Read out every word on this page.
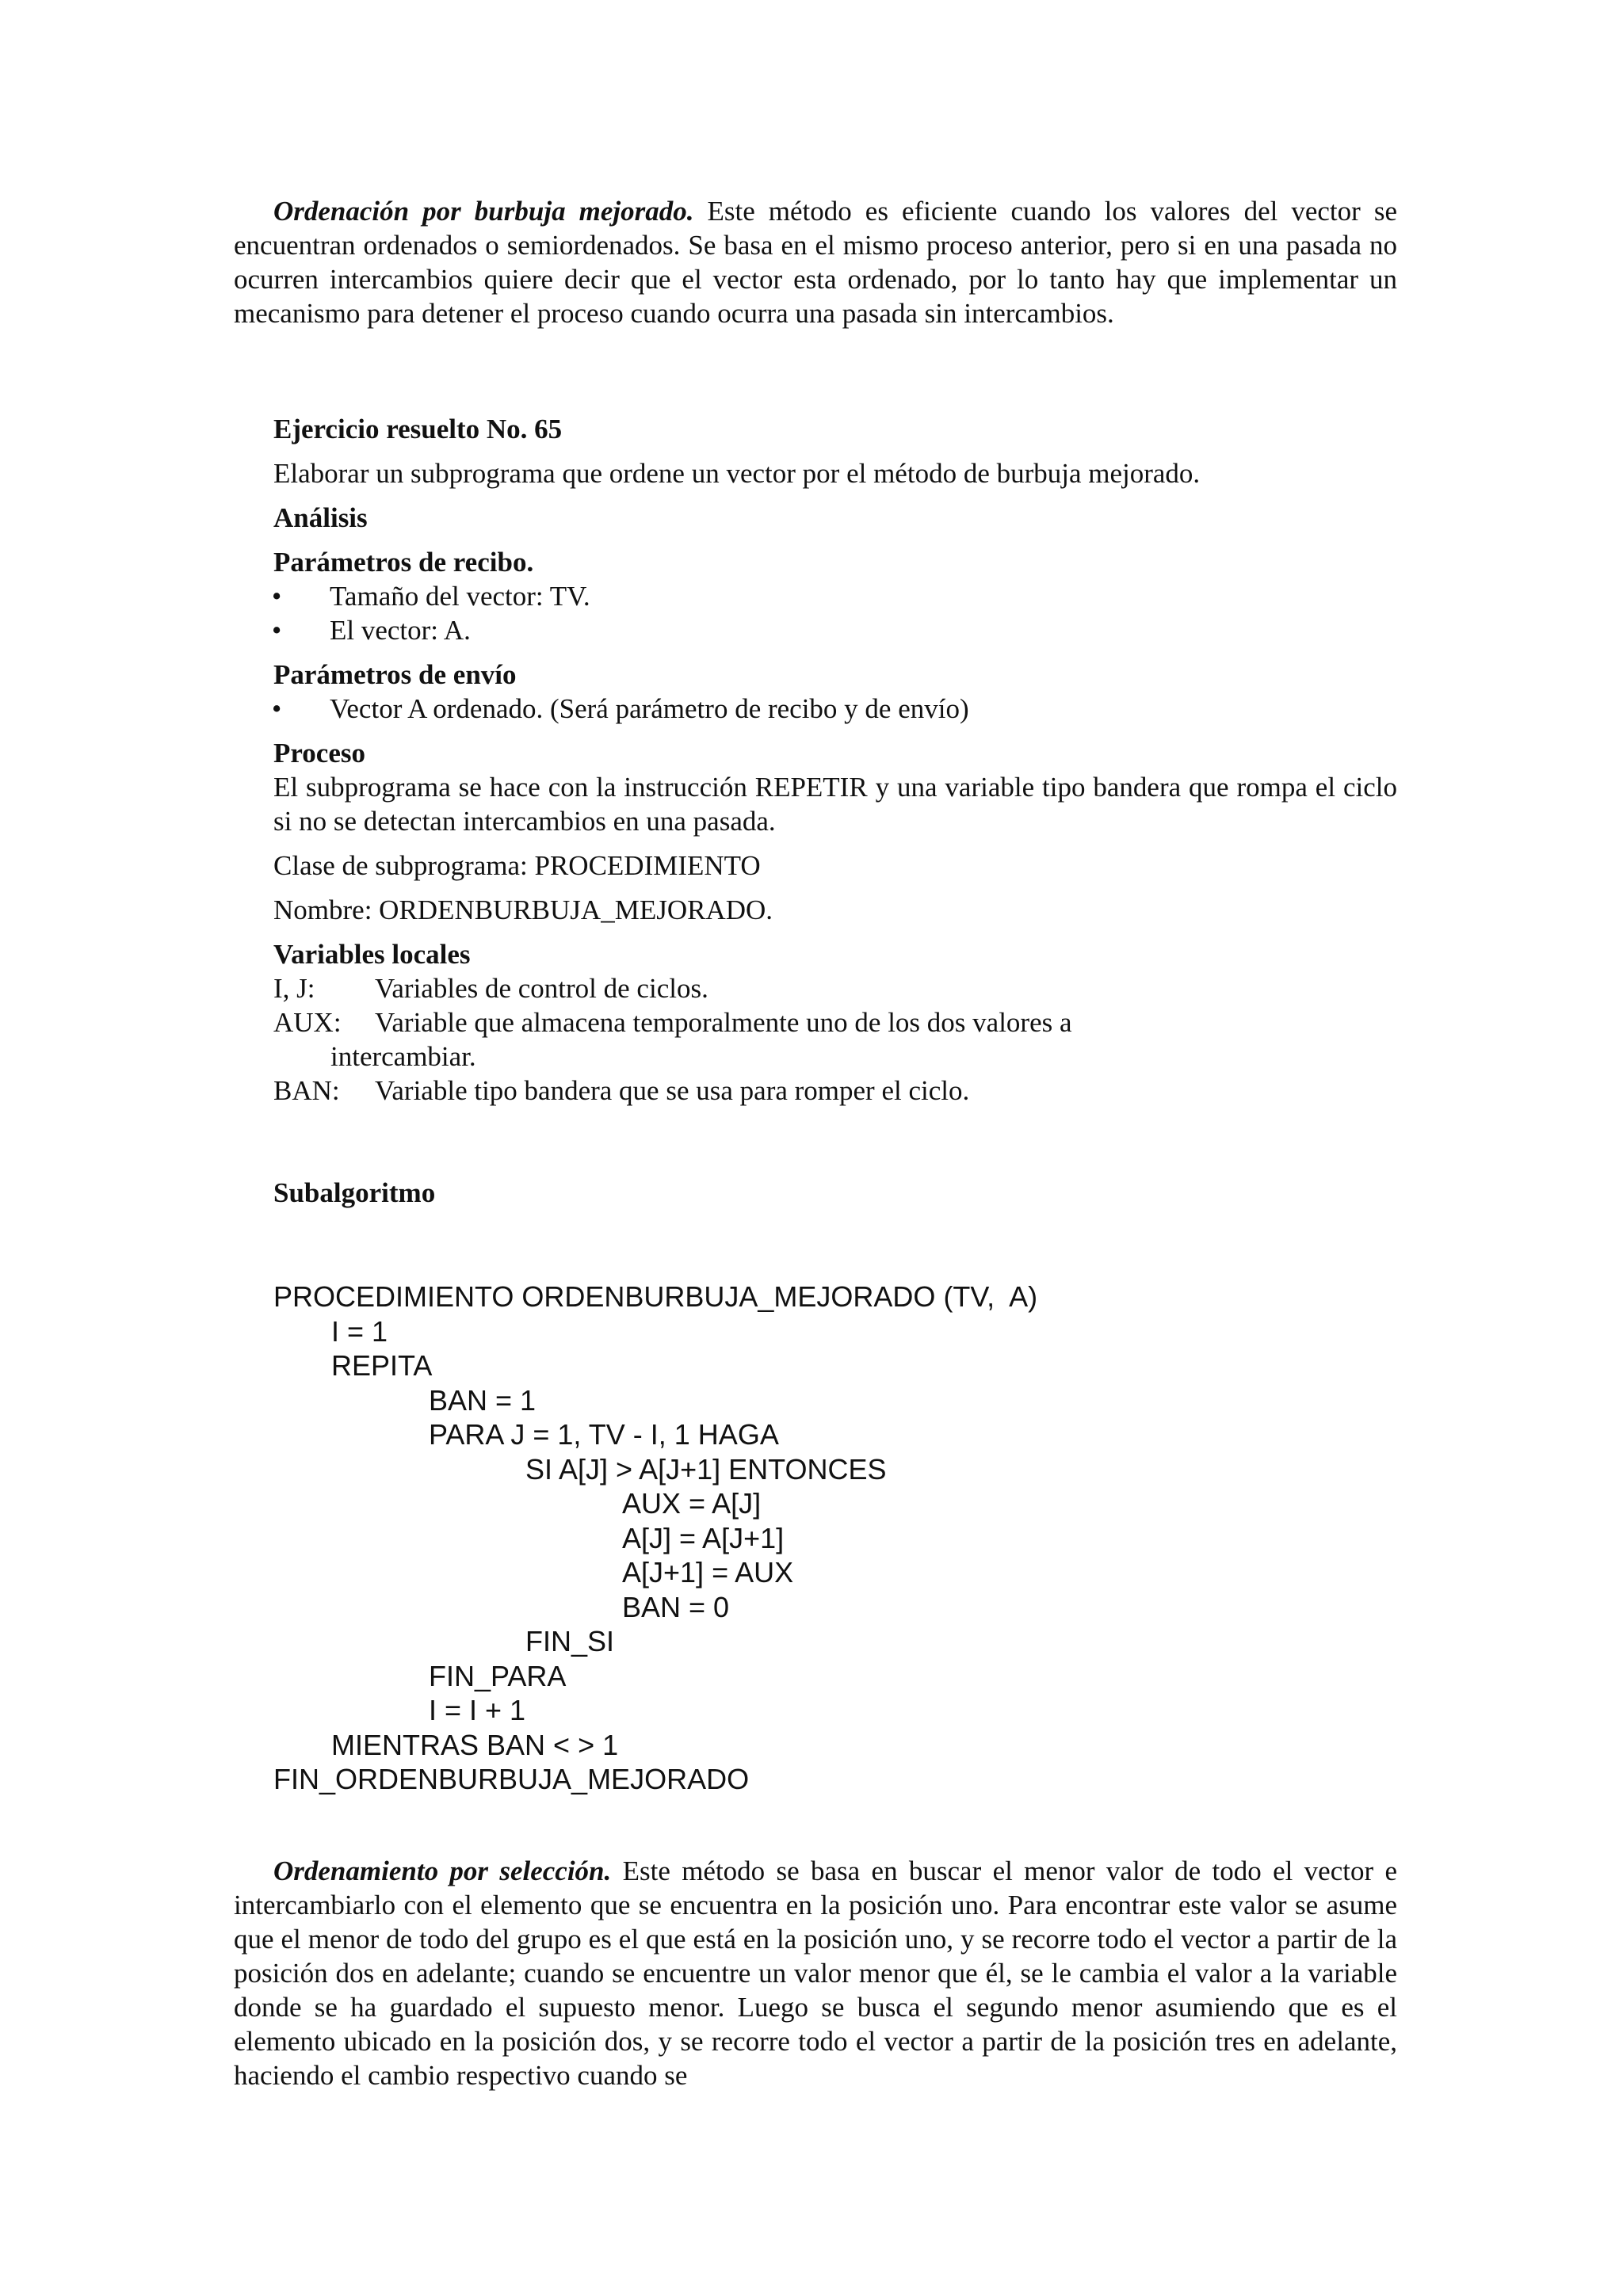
Ordenación por burbuja mejorado. Este método es eficiente cuando los valores del vector se encuentran ordenados o semiordenados. Se basa en el mismo proceso anterior, pero si en una pasada no ocurren intercambios quiere decir que el vector esta ordenado, por lo tanto hay que implementar un mecanismo para detener el proceso cuando ocurra una pasada sin intercambios.

Ejercicio resuelto No. 65

Elaborar un subprograma que ordene un vector por el método de burbuja mejorado.

Análisis

Parámetros de recibo.

• Tamaño del vector: TV.
• El vector: A.

Parámetros de envío

• Vector A ordenado. (Será parámetro de recibo y de envío)

Proceso

El subprograma se hace con la instrucción REPETIR y una variable tipo bandera que rompa el ciclo si no se detectan intercambios en una pasada.

Clase de subprograma: PROCEDIMIENTO

Nombre: ORDENBURBUJA_MEJORADO.

Variables locales

I, J:	Variables de control de ciclos.
AUX:	Variable que almacena temporalmente uno de los dos valores a
intercambiar.
BAN:	Variable tipo bandera que se usa para romper el ciclo.

Subalgoritmo

PROCEDIMIENTO ORDENBURBUJA_MEJORADO (TV,  A)
I = 1
REPITA
BAN = 1
PARA J = 1, TV - I, 1 HAGA
SI A[J] > A[J+1] ENTONCES
AUX = A[J]
A[J] = A[J+1]
A[J+1] = AUX
BAN = 0
FIN_SI
FIN_PARA
I = I + 1
MIENTRAS BAN < > 1
FIN_ORDENBURBUJA_MEJORADO

Ordenamiento por selección. Este método se basa en buscar el menor valor de todo el vector e intercambiarlo con el elemento que se encuentra en la posición uno. Para encontrar este valor se asume que el menor de todo del grupo es el que está en la posición uno, y se recorre todo el vector a partir de la posición dos en adelante; cuando se encuentre un valor menor que él, se le cambia el valor a la variable donde se ha guardado el supuesto menor. Luego se busca el segundo menor asumiendo que es el elemento ubicado en la posición dos, y se recorre todo el vector a partir de la posición tres en adelante, haciendo el cambio respectivo cuando se
